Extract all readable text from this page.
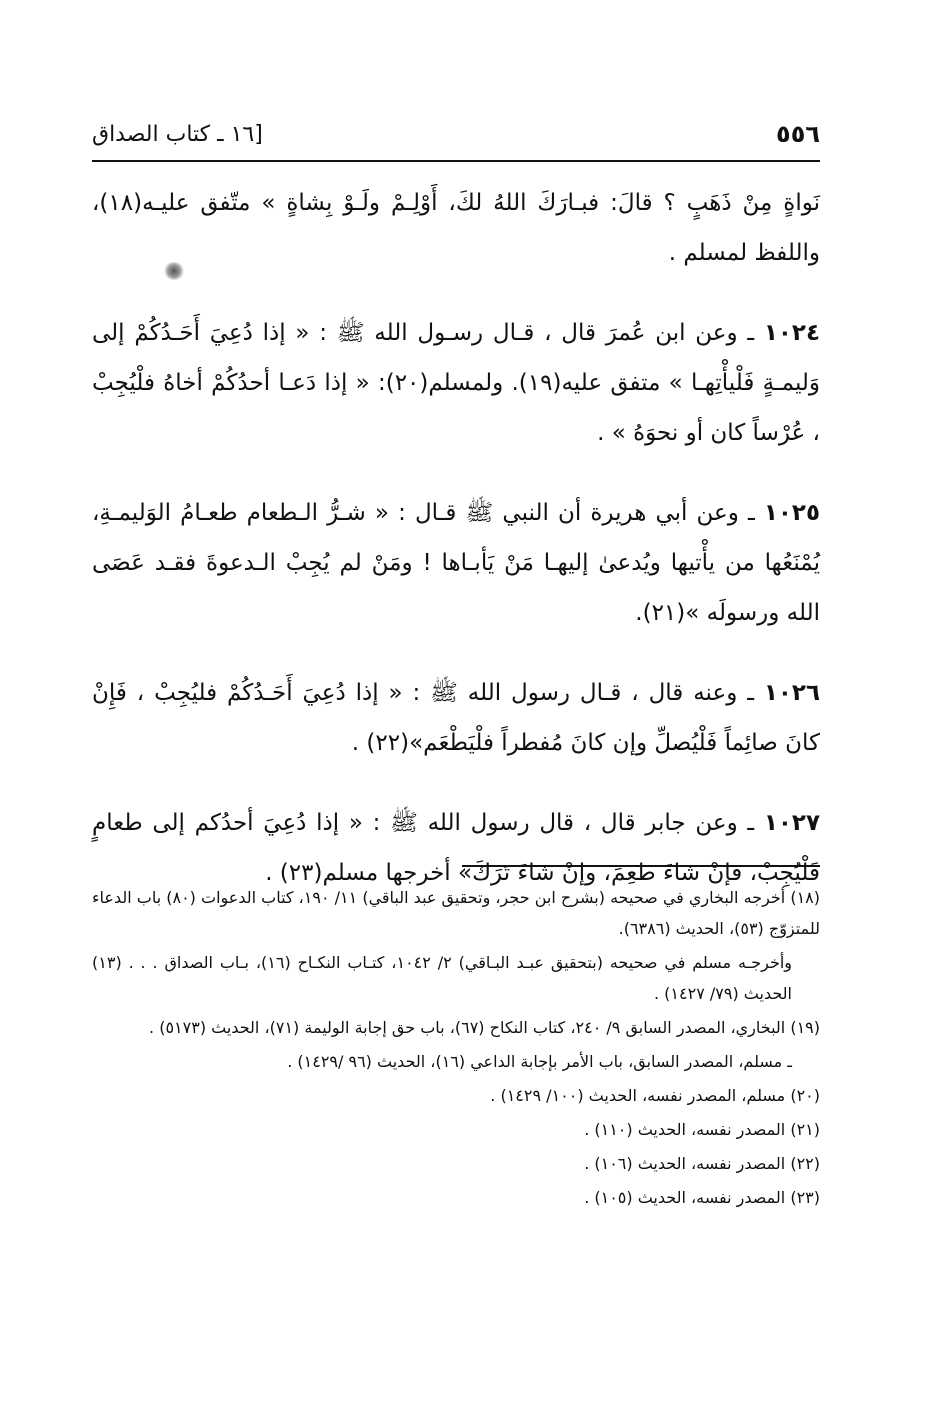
٥٥٦
[١٦ ـ كتاب الصداق

نَواةٍ مِنْ ذَهَبٍ ؟ قالَ: فبـارَكَ اللهُ لكَ، أَوْلِـمْ ولَـوْ بِشاةٍ » متّفق عليـه(١٨)، واللفظ لمسلم .

١٠٢٤ ـ وعن ابن عُمرَ قال ، قـال رسـول الله ﷺ : « إذا دُعِيَ أَحَـدُكُمْ إلى وَليمـةٍ فَلْيأْتِهـا » متفق عليه(١٩). ولمسلم(٢٠): « إذا دَعـا أحدُكُمْ أخاهُ فلْيُجِبْ ، عُرْساً كان أو نحوَهُ » .

١٠٢٥ ـ وعن أبي هريرة أن النبي ﷺ قـال : « شـرُّ الـطعام طعـامُ الوَليمـةِ، يُمْنَعُها من يأْتيها ويُدعىٰ إليهـا مَنْ يَأبـاها ! ومَنْ لم يُجِبْ الـدعوةَ فقـد عَصَى الله ورسولَه »(٢١).

١٠٢٦ ـ وعنه قال ، قـال رسول الله ﷺ : « إذا دُعِيَ أَحَـدُكُمْ فليُجِبْ ، فَإِنْ كانَ صائِماً فَلْيُصلِّ وإن كانَ مُفطراً فلْيَطْعَم»(٢٢) .

١٠٢٧ ـ وعن جابر قال ، قال رسول الله ﷺ : « إذا دُعِيَ أحدُكم إلى طعامٍ فَلْيُجِبْ، فإنْ شاءَ طعِمَ، وإنْ شاءَ تَرَكَ» أخرجها مسلم(٢٣) .

(١٨) أخرجه البخاري في صحيحه (بشرح ابن حجر، وتحقيق عبد الباقي) ١١/ ١٩٠، كتاب الدعوات (٨٠) باب الدعاء للمتزوّج (٥٣)، الحديث (٦٣٨٦).

وأخرجـه مسلم في صحيحه (بتحقيق عبـد البـاقي) ٢/ ١٠٤٢، كتـاب النكـاح (١٦)، بـاب الصداق . . . (١٣) الحديث (٧٩/ ١٤٢٧) .

(١٩) البخاري، المصدر السابق ٩/ ٢٤٠، كتاب النكاح (٦٧)، باب حق إجابة الوليمة (٧١)، الحديث (٥١٧٣) .

ـ مسلم، المصدر السابق، باب الأمر بإجابة الداعي (١٦)، الحديث (٩٦ /١٤٢٩) .

(٢٠) مسلم، المصدر نفسه، الحديث (١٠٠/ ١٤٢٩) .

(٢١) المصدر نفسه، الحديث (١١٠) .

(٢٢) المصدر نفسه، الحديث (١٠٦) .

(٢٣) المصدر نفسه، الحديث (١٠٥) .
